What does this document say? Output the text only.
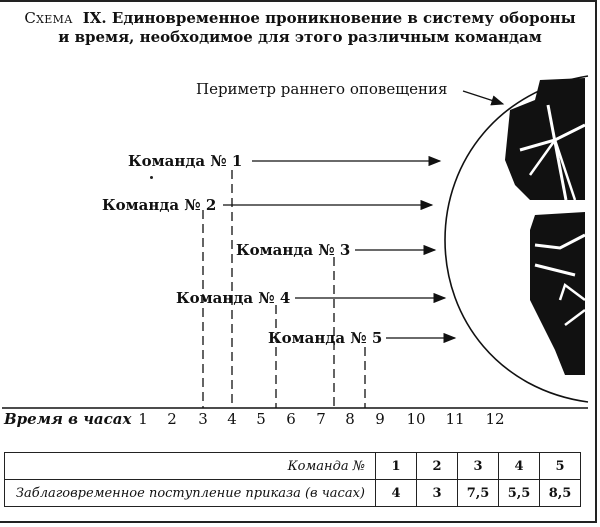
Схема IX. Единовременное проникновение в систему обороны
и время, необходимое для этого различным командам
Периметр раннего оповещения
Команда № 1
Команда № 2
Команда № 3
Команда № 4
Команда № 5
Время в часах 1	2	3	4	5	6	7	8	9	10 11 12
Команда №	1	2	3	4	5
Заблаговременное поступление приказа (в часах)	4	3	7,5	5,5	8,5
